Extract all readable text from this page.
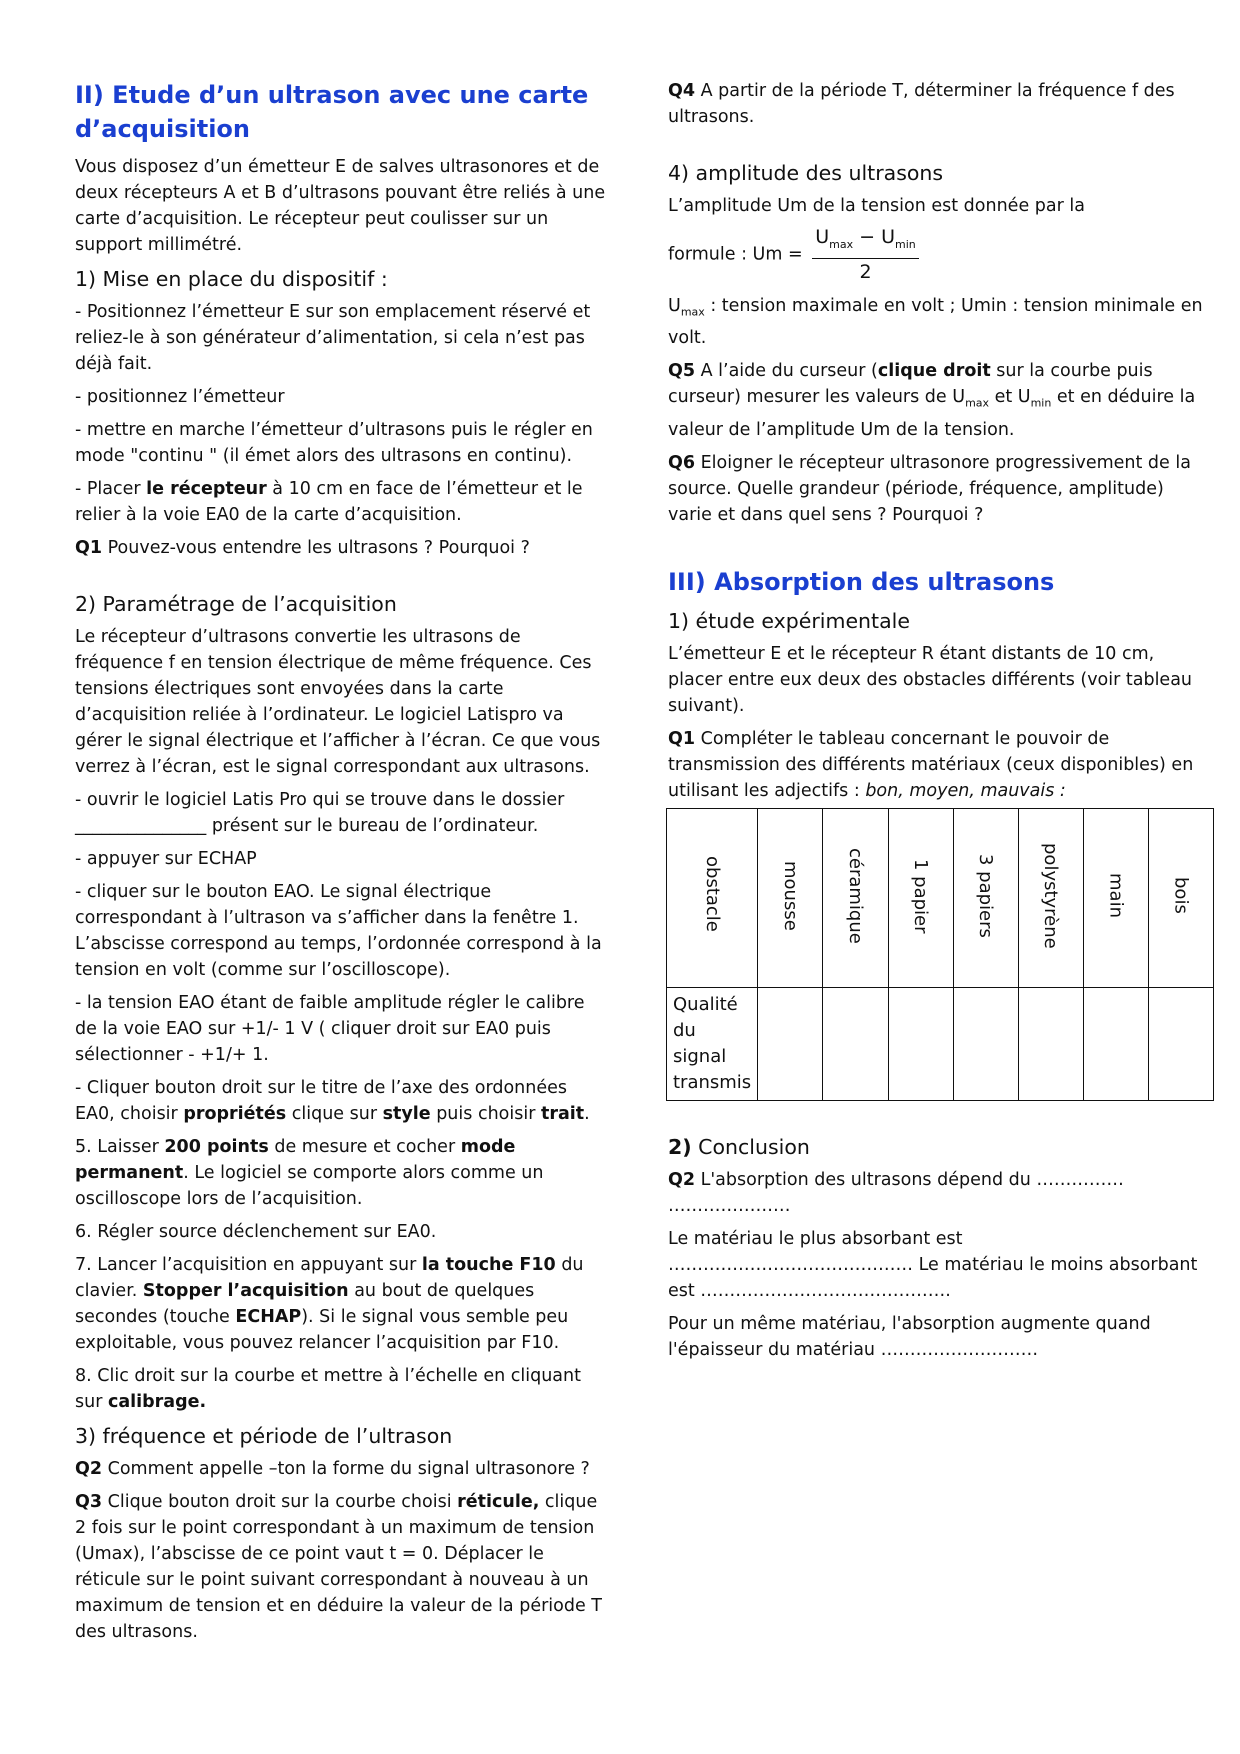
II) Etude d’un ultrason avec une carte d’acquisition

Vous disposez d’un émetteur E de salves ultrasonores et de deux récepteurs A et B d’ultrasons pouvant être reliés à une carte d’acquisition. Le récepteur peut coulisser sur un support millimétré.

1) Mise en place du dispositif :

- Positionnez l’émetteur E sur son emplacement réservé et reliez-le à son générateur d’alimentation, si cela n’est pas déjà fait.

- positionnez l’émetteur

- mettre en marche l’émetteur d’ultrasons puis le régler en mode "continu " (il émet alors des ultrasons en continu).

- Placer le récepteur à 10 cm en face de l’émetteur et le relier à la voie EA0 de la carte d’acquisition.

Q1 Pouvez-vous entendre les ultrasons ? Pourquoi ?

2) Paramétrage de l’acquisition

Le récepteur d’ultrasons convertie les ultrasons de fréquence f en tension électrique de même fréquence. Ces tensions électriques sont envoyées dans la carte d’acquisition reliée à l’ordinateur. Le logiciel Latispro va gérer le signal électrique et l’afficher à l’écran. Ce que vous verrez à l’écran, est le signal correspondant aux ultrasons.

- ouvrir le logiciel Latis Pro qui se trouve dans le dossier _______________ présent sur le bureau de l’ordinateur.

- appuyer sur ECHAP

- cliquer sur le bouton EAO. Le signal électrique correspondant à l’ultrason va s’afficher dans la fenêtre 1. L’abscisse correspond au temps, l’ordonnée correspond à la tension en volt (comme sur l’oscilloscope).

- la tension EAO étant de faible amplitude régler le calibre de la voie EAO sur +1/- 1 V ( cliquer droit sur EA0 puis sélectionner - +1/+ 1.

- Cliquer bouton droit sur le titre de l’axe des ordonnées EA0, choisir propriétés clique sur style puis choisir trait.

5. Laisser 200 points de mesure et cocher mode permanent. Le logiciel se comporte alors comme un oscilloscope lors de l’acquisition.

6. Régler source déclenchement sur EA0.

7. Lancer l’acquisition en appuyant sur la touche F10 du clavier. Stopper l’acquisition au bout de quelques secondes (touche ECHAP). Si le signal vous semble peu exploitable, vous pouvez relancer l’acquisition par F10.

8. Clic droit sur la courbe et mettre à l’échelle en cliquant sur calibrage.

3) fréquence et période de l’ultrason

Q2 Comment appelle –ton la forme du signal ultrasonore ?

Q3 Clique bouton droit sur la courbe choisi réticule, clique 2 fois sur le point correspondant à un maximum de tension (Umax), l’abscisse de ce point vaut t = 0. Déplacer le réticule sur le point suivant correspondant à nouveau à un maximum de tension et en déduire la valeur de la période T des ultrasons.

Q4 A partir de la période T, déterminer la fréquence f des ultrasons.

4) amplitude des ultrasons

L’amplitude Um de la tension est donnée par la

formule : $Um = \frac{U_{max} - U_{min}}{2}$

$U_{max}$ : tension maximale en volt ; Umin : tension minimale en volt.

Q5 A l’aide du curseur (clique droit sur la courbe puis curseur) mesurer les valeurs de $U_{max}$ et $U_{min}$ et en déduire la valeur de l’amplitude Um de la tension.

Q6 Eloigner le récepteur ultrasonore progressivement de la source. Quelle grandeur (période, fréquence, amplitude) varie et dans quel sens ? Pourquoi ?

III) Absorption des ultrasons
1) étude expérimentale

L’émetteur E et le récepteur R étant distants de 10 cm, placer entre eux deux des obstacles différents (voir tableau suivant).

Q1 Compléter le tableau concernant le pouvoir de transmission des différents matériaux (ceux disponibles) en utilisant les adjectifs : bon, moyen, mauvais :

obstacle	mousse	céramique	1 papier	3 papiers	polystyrène	main	bois
Qualité du signal transmis							
2) Conclusion

Q2 L'absorption des ultrasons dépend du …………… …………………

Le matériau le plus absorbant est …………………………………… Le matériau le moins absorbant est …………………………………….

Pour un même matériau, l'absorption augmente quand l'épaisseur du matériau ………………………
